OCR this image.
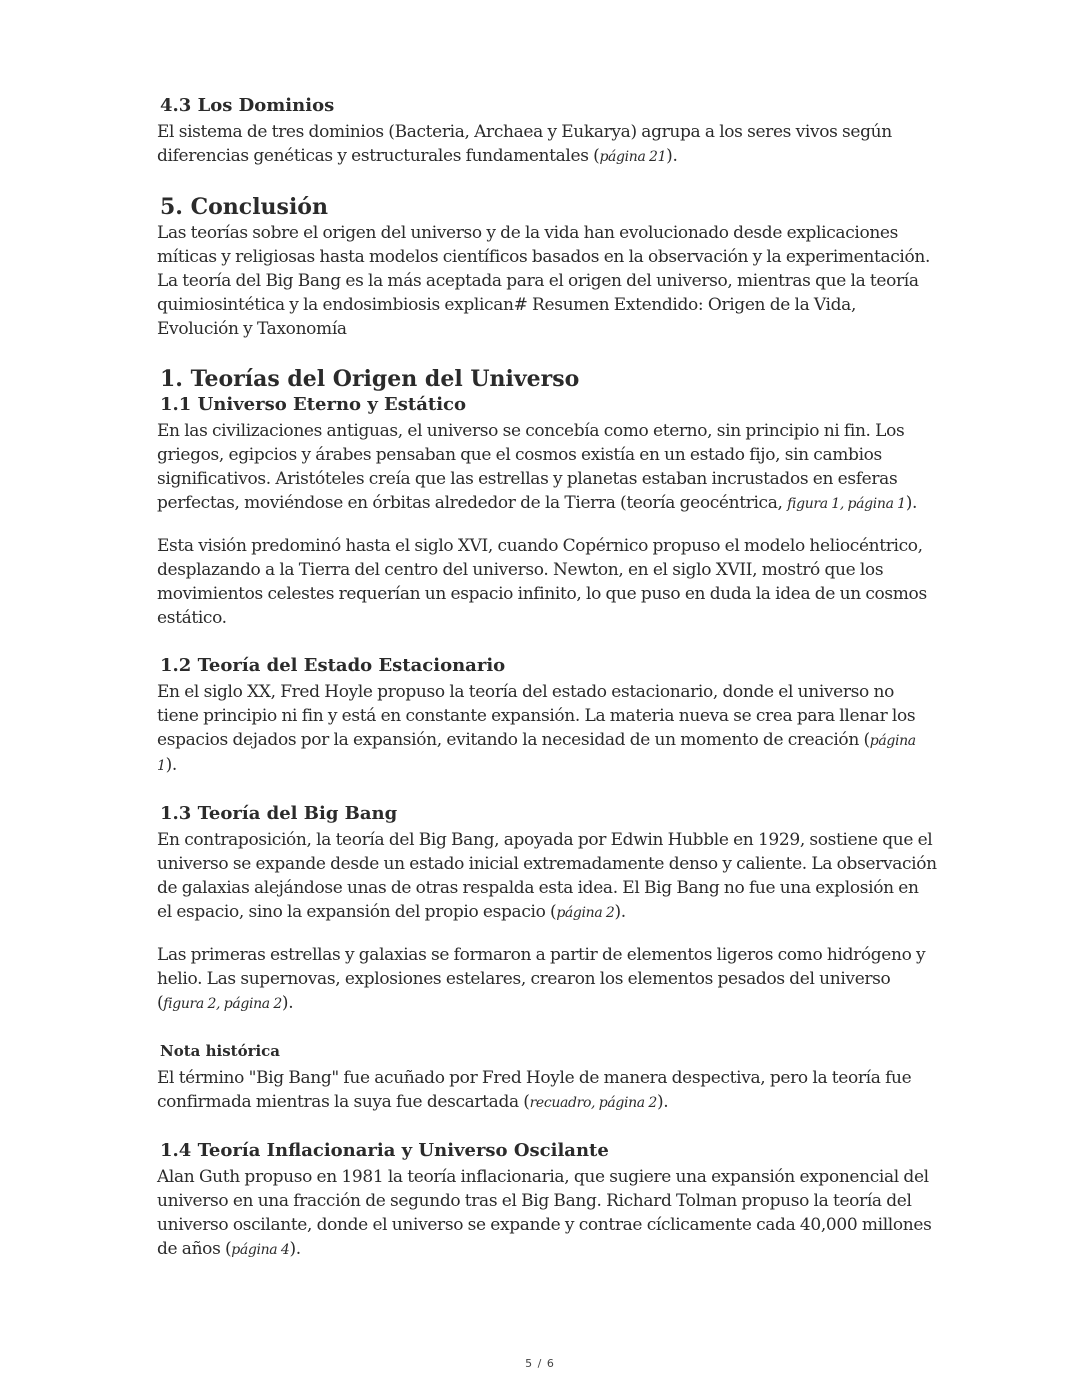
4.3 Los Dominios

El sistema de tres dominios (Bacteria, Archaea y Eukarya) agrupa a los seres vivos según diferencias genéticas y estructurales fundamentales (página 21).

5. Conclusión

Las teorías sobre el origen del universo y de la vida han evolucionado desde explicaciones míticas y religiosas hasta modelos científicos basados en la observación y la experimentación. La teoría del Big Bang es la más aceptada para el origen del universo, mientras que la teoría quimiosintética y la endosimbiosis explican# Resumen Extendido: Origen de la Vida, Evolución y Taxonomía

1. Teorías del Origen del Universo
1.1 Universo Eterno y Estático

En las civilizaciones antiguas, el universo se concebía como eterno, sin principio ni fin. Los griegos, egipcios y árabes pensaban que el cosmos existía en un estado fijo, sin cambios significativos. Aristóteles creía que las estrellas y planetas estaban incrustados en esferas perfectas, moviéndose en órbitas alrededor de la Tierra (teoría geocéntrica, figura 1, página 1).

Esta visión predominó hasta el siglo XVI, cuando Copérnico propuso el modelo heliocéntrico, desplazando a la Tierra del centro del universo. Newton, en el siglo XVII, mostró que los movimientos celestes requerían un espacio infinito, lo que puso en duda la idea de un cosmos estático.

1.2 Teoría del Estado Estacionario

En el siglo XX, Fred Hoyle propuso la teoría del estado estacionario, donde el universo no tiene principio ni fin y está en constante expansión. La materia nueva se crea para llenar los espacios dejados por la expansión, evitando la necesidad de un momento de creación (página 1).

1.3 Teoría del Big Bang

En contraposición, la teoría del Big Bang, apoyada por Edwin Hubble en 1929, sostiene que el universo se expande desde un estado inicial extremadamente denso y caliente. La observación de galaxias alejándose unas de otras respalda esta idea. El Big Bang no fue una explosión en el espacio, sino la expansión del propio espacio (página 2).

Las primeras estrellas y galaxias se formaron a partir de elementos ligeros como hidrógeno y helio. Las supernovas, explosiones estelares, crearon los elementos pesados del universo (figura 2, página 2).

Nota histórica

El término "Big Bang" fue acuñado por Fred Hoyle de manera despectiva, pero la teoría fue confirmada mientras la suya fue descartada (recuadro, página 2).

1.4 Teoría Inflacionaria y Universo Oscilante

Alan Guth propuso en 1981 la teoría inflacionaria, que sugiere una expansión exponencial del universo en una fracción de segundo tras el Big Bang. Richard Tolman propuso la teoría del universo oscilante, donde el universo se expande y contrae cíclicamente cada 40,000 millones de años (página 4).

5 / 6
